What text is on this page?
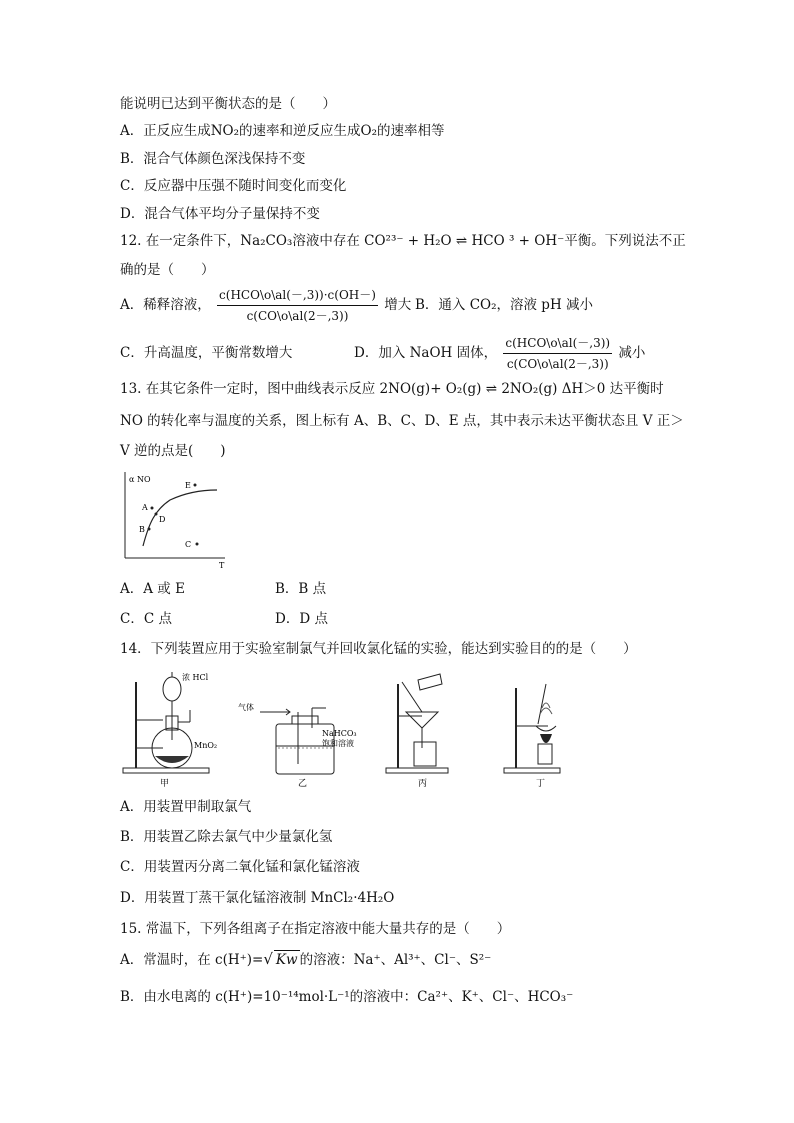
能说明已达到平衡状态的是（　　）
A．正反应生成NO₂的速率和逆反应生成O₂的速率相等
B．混合气体颜色深浅保持不变
C．反应器中压强不随时间变化而变化
D．混合气体平均分子量保持不变
12. 在一定条件下，Na₂CO₃溶液中存在 CO²³⁻ + H₂O ⇌ HCO ³ + OH⁻平衡。下列说法不正
确的是（　　）
A．稀释溶液， $\frac{\text{c(HCO\textbackslash{}o\textbackslash{}al(－,3))·c(OH－)}}{c(CO\backslash o\backslash al(2-,3))}$ 增大 B．通入 CO₂，溶液 pH 减小
C．升高温度，平衡常数增大	D．加入 NaOH 固体， $\frac{\text{c(HCO\textbackslash{}o\textbackslash{}al(－,3))}}{c(CO\backslash o\backslash al(2-,3))}$ 减小
13. 在其它条件一定时，图中曲线表示反应 2NO(g)+ O₂(g) ⇌ 2NO₂(g) ΔH＞0 达平衡时
NO 的转化率与温度的关系，图上标有 A、B、C、D、E 点，其中表示未达平衡状态且 V 正＞
V 逆的点是(　　)
α NO
T
A
B
C
D
E
A．A 或 E	B．B 点
C．C 点	D．D 点
14．下列装置应用于实验室制氯气并回收氯化锰的实验，能达到实验目的的是（　　）
浓 HCl
MnO₂
甲
气体
NaHCO₃
饱和溶液
乙	丙	丁
A．用装置甲制取氯气
B．用装置乙除去氯气中少量氯化氢
C．用装置丙分离二氧化锰和氯化锰溶液
D．用装置丁蒸干氯化锰溶液制 MnCl₂·4H₂O
15. 常温下，下列各组离子在指定溶液中能大量共存的是（　　）
A．常温时，在 c(H⁺)=√ Kw 的溶液：Na⁺、Al³⁺、Cl⁻、S²⁻
B．由水电离的 c(H⁺)=10⁻¹⁴mol·L⁻¹的溶液中：Ca²⁺、K⁺、Cl⁻、HCO₃⁻
